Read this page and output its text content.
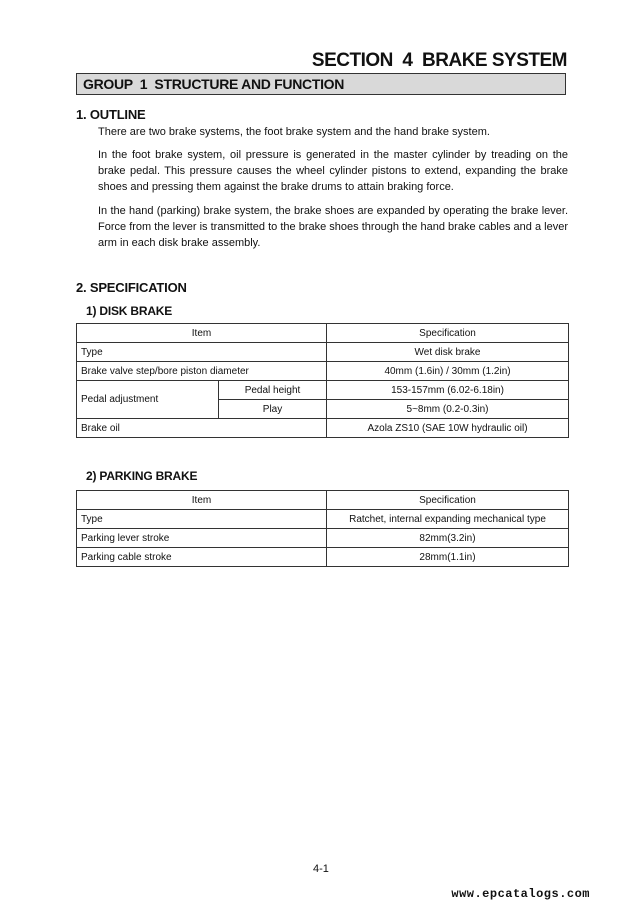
SECTION  4  BRAKE SYSTEM
GROUP  1  STRUCTURE AND FUNCTION
1. OUTLINE
There are two brake systems, the foot brake system and the hand brake system.
In the foot brake system, oil pressure is generated in the master cylinder by treading on the brake pedal. This pressure causes the wheel cylinder pistons to extend, expanding the brake shoes and pressing them against the brake drums to attain braking force.
In the hand (parking) brake system, the brake shoes are expanded by operating the brake lever. Force from the lever is transmitted to the brake shoes through the hand brake cables and a lever arm in each disk brake assembly.
2. SPECIFICATION
1) DISK BRAKE
Item		Specification
Type		Wet disk brake
Brake valve step/bore piston diameter		40mm (1.6in) / 30mm (1.2in)
Pedal adjustment	Pedal height	153-157mm (6.02-6.18in)
	Play	5~8mm (0.2-0.3in)
Brake oil		Azola ZS10 (SAE 10W hydraulic oil)
2) PARKING BRAKE
Item	Specification
Type	Ratchet, internal expanding mechanical type
Parking lever stroke	82mm(3.2in)
Parking cable stroke	28mm(1.1in)
4-1
www.epcatalogs.com
